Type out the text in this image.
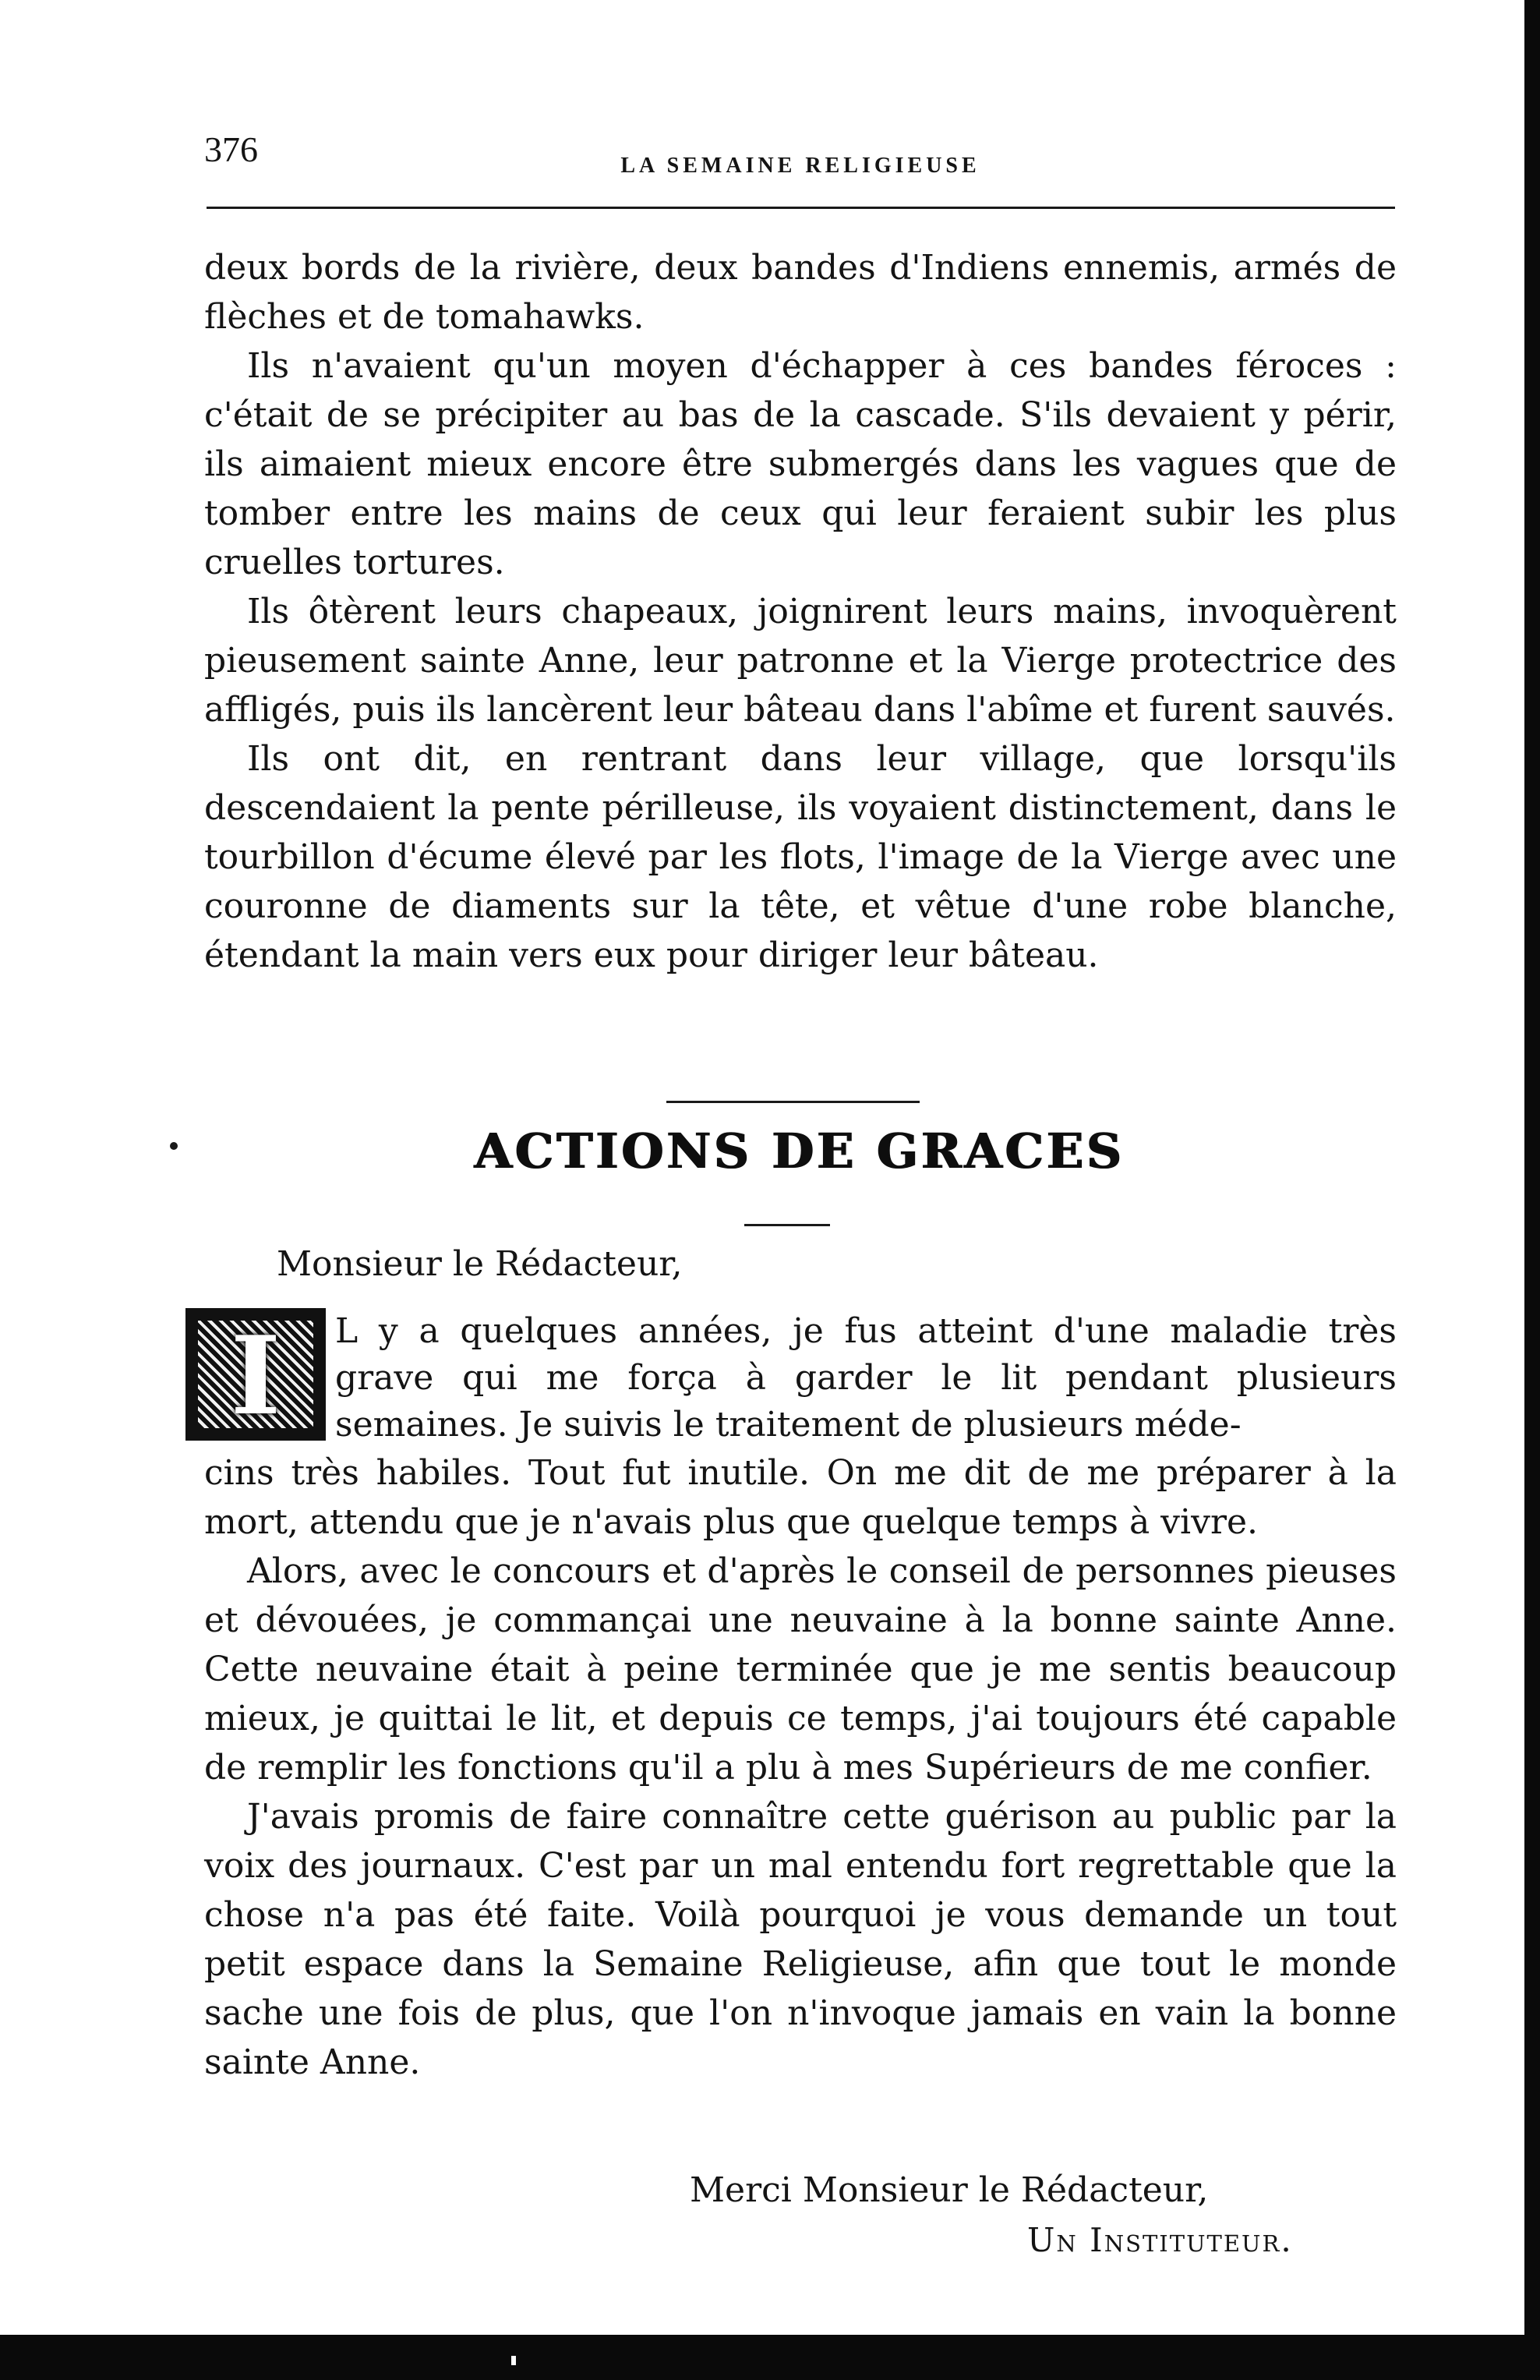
376	LA SEMAINE RELIGIEUSE

deux bords de la rivière, deux bandes d'Indiens ennemis, armés de flèches et de tomahawks.

Ils n'avaient qu'un moyen d'échapper à ces bandes féroces : c'était de se précipiter au bas de la cascade. S'ils devaient y périr, ils aimaient mieux encore être submergés dans les vagues que de tomber entre les mains de ceux qui leur feraient subir les plus cruelles tortures.

Ils ôtèrent leurs chapeaux, joignirent leurs mains, invoquèrent pieusement sainte Anne, leur patronne et la Vierge protectrice des affligés, puis ils lancèrent leur bâteau dans l'abîme et furent sauvés.

Ils ont dit, en rentrant dans leur village, que lorsqu'ils descendaient la pente périlleuse, ils voyaient distinctement, dans le tourbillon d'écume élevé par les flots, l'image de la Vierge avec une couronne de diaments sur la tête, et vêtue d'une robe blanche, étendant la main vers eux pour diriger leur bâteau.

ACTIONS DE GRACES
Monsieur le Rédacteur,
I	L y a quelques années, je fus atteint d'une maladie très grave qui me força à garder le lit pendant plusieurs semaines. Je suivis le traitement de plusieurs méde-

cins très habiles. Tout fut inutile. On me dit de me préparer à la mort, attendu que je n'avais plus que quelque temps à vivre.

Alors, avec le concours et d'après le conseil de personnes pieuses et dévouées, je commançai une neuvaine à la bonne sainte Anne. Cette neuvaine était à peine terminée que je me sentis beaucoup mieux, je quittai le lit, et depuis ce temps, j'ai toujours été capable de remplir les fonctions qu'il a plu à mes Supérieurs de me confier.

J'avais promis de faire connaître cette guérison au public par la voix des journaux. C'est par un mal entendu fort regrettable que la chose n'a pas été faite. Voilà pourquoi je vous demande un tout petit espace dans la Semaine Religieuse, afin que tout le monde sache une fois de plus, que l'on n'invoque jamais en vain la bonne sainte Anne.

Merci Monsieur le Rédacteur,
Un Instituteur.
